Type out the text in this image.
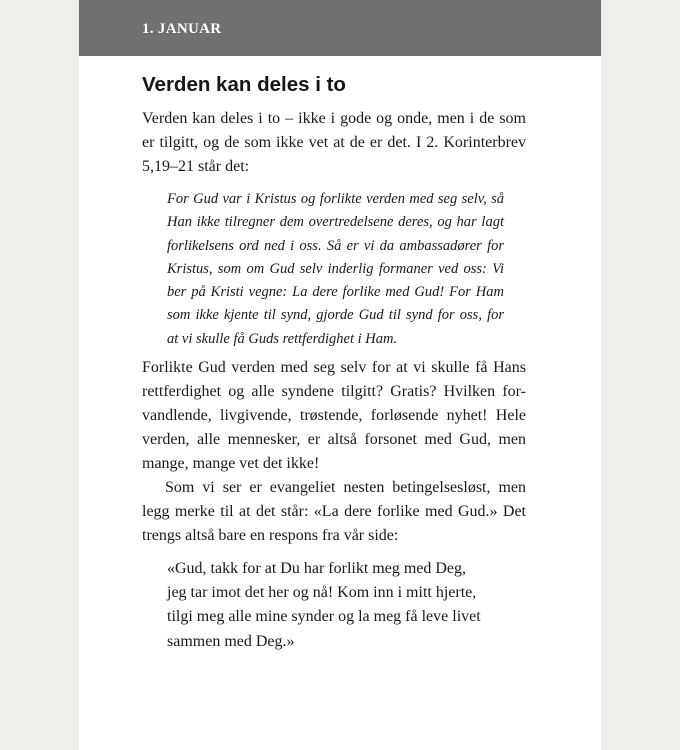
1. JANUAR
Verden kan deles i to

Verden kan deles i to – ikke i gode og onde, men i de som
er tilgitt, og de som ikke vet at de er det. I 2. Korinterbrev
5,19–21 står det:

For Gud var i Kristus og forlikte verden med seg selv, så
Han ikke tilregner dem overtredelsene deres, og har lagt
forlikelsens ord ned i oss. Så er vi da ambassadører for
Kristus, som om Gud selv inderlig formaner ved oss: Vi
ber på Kristi vegne: La dere forlike med Gud! For Ham
som ikke kjente til synd, gjorde Gud til synd for oss, for
at vi skulle få Guds rettferdighet i Ham.

Forlikte Gud verden med seg selv for at vi skulle få Hans
rettferdighet og alle syndene tilgitt? Gratis? Hvilken for-
vandlende, livgivende, trøstende, forløsende nyhet! Hele
verden, alle mennesker, er altså forsonet med Gud, men
mange, mange vet det ikke!
Som vi ser er evangeliet nesten betingelsesløst, men
legg merke til at det står: «La dere forlike med Gud.» Det
trengs altså bare en respons fra vår side:

«Gud, takk for at Du har forlikt meg med Deg,
jeg tar imot det her og nå! Kom inn i mitt hjerte,
tilgi meg alle mine synder og la meg få leve livet
sammen med Deg.»
